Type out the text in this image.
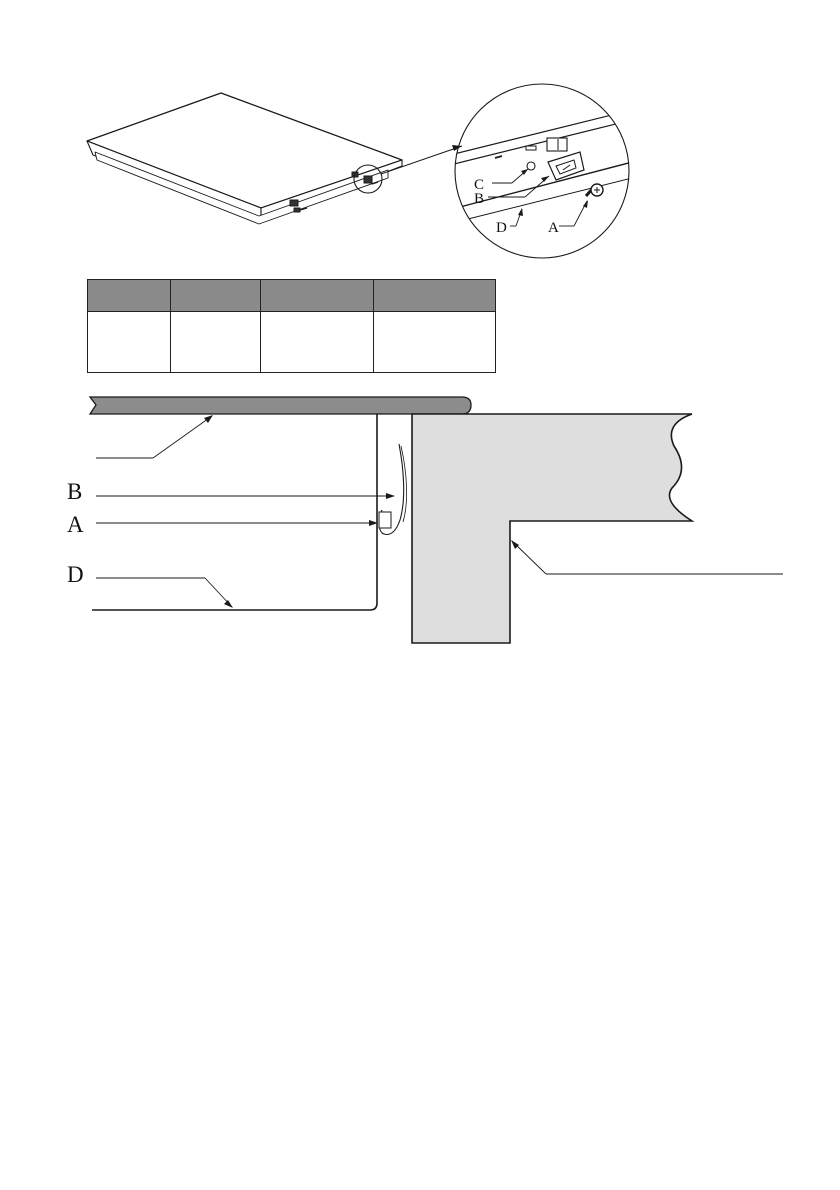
C
B
D	A
B
A
D
